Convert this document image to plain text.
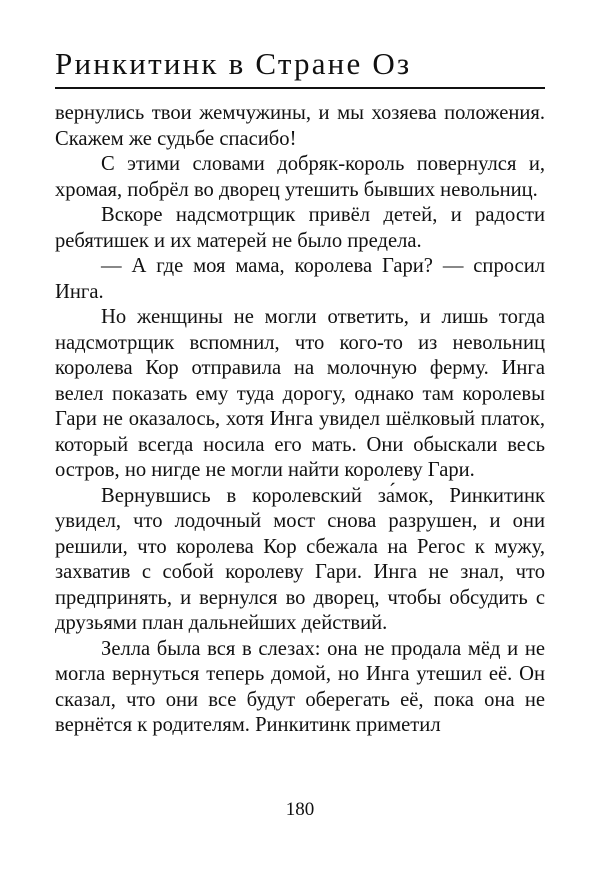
Ринкитинк в Стране Оз

вернулись твои жемчужины, и мы хозяева положения. Скажем же судьбе спасибо!

С этими словами добряк-король повернулся и, хромая, побрёл во дворец утешить бывших невольниц.

Вскоре надсмотрщик привёл детей, и радости ребятишек и их матерей не было предела.

— А где моя мама, королева Гари? — спросил Инга.

Но женщины не могли ответить, и лишь тогда надсмотрщик вспомнил, что кого-то из невольниц королева Кор отправила на молочную ферму. Инга велел показать ему туда дорогу, однако там королевы Гари не оказалось, хотя Инга увидел шёлковый платок, который всегда носила его мать. Они обыскали весь остров, но нигде не могли найти королеву Гари.

Вернувшись в королевский за́мок, Ринкитинк увидел, что лодочный мост снова разрушен, и они решили, что королева Кор сбежала на Регос к мужу, захватив с собой королеву Гари. Инга не знал, что предпринять, и вернулся во дворец, чтобы обсудить с друзьями план дальнейших действий.

Зелла была вся в слезах: она не продала мёд и не могла вернуться теперь домой, но Инга утешил её. Он сказал, что они все будут оберегать её, пока она не вернётся к родителям. Ринкитинк приметил

180
